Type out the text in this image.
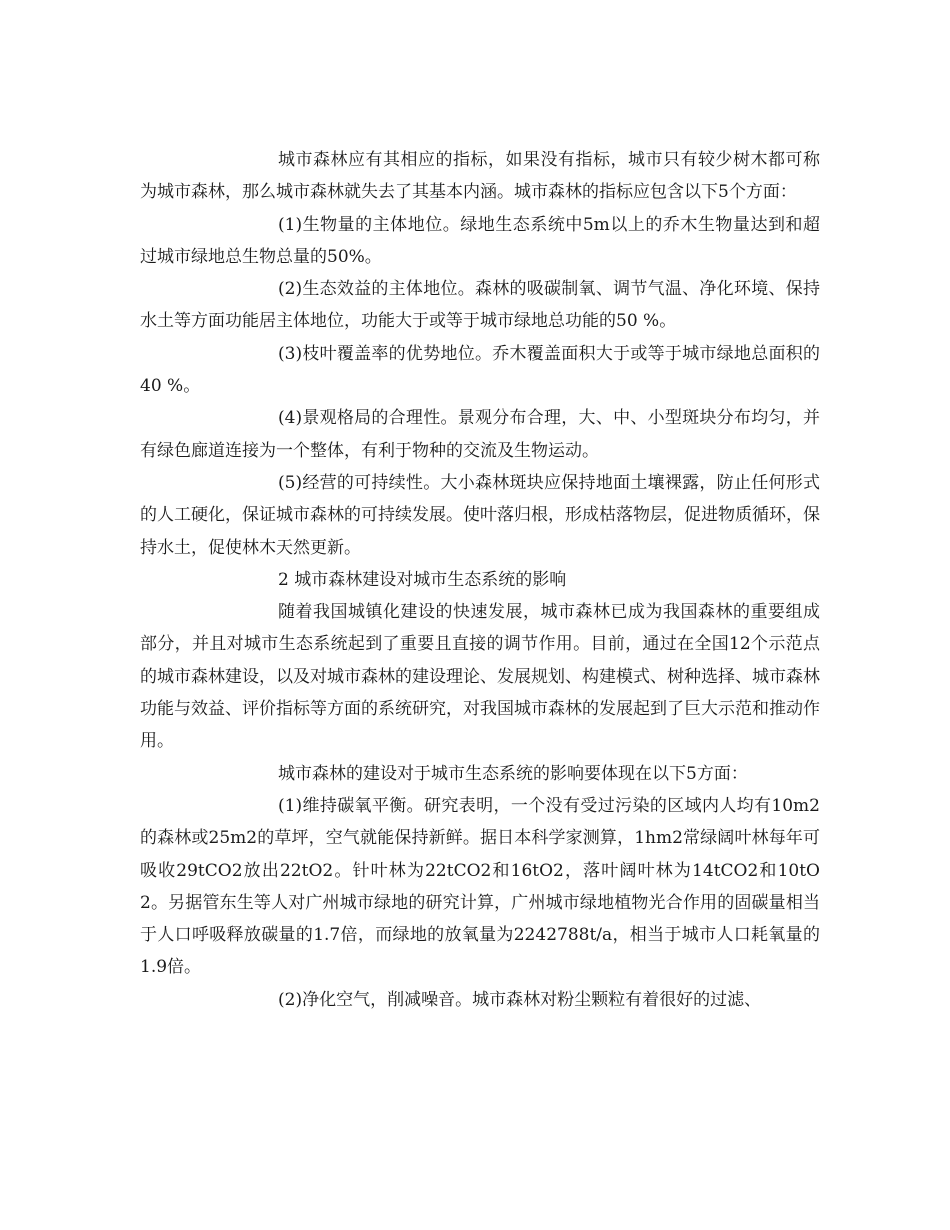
城市森林应有其相应的指标，如果没有指标，城市只有较少树木都可称为城市森林，那么城市森林就失去了其基本内涵。城市森林的指标应包含以下5个方面：

(1)生物量的主体地位。绿地生态系统中5m以上的乔木生物量达到和超过城市绿地总生物总量的50%。

(2)生态效益的主体地位。森林的吸碳制氧、调节气温、净化环境、保持水土等方面功能居主体地位，功能大于或等于城市绿地总功能的50 %。

(3)枝叶覆盖率的优势地位。乔木覆盖面积大于或等于城市绿地总面积的40 %。

(4)景观格局的合理性。景观分布合理，大、中、小型斑块分布均匀，并有绿色廊道连接为一个整体，有利于物种的交流及生物运动。

(5)经营的可持续性。大小森林斑块应保持地面土壤裸露，防止任何形式的人工硬化，保证城市森林的可持续发展。使叶落归根，形成枯落物层，促进物质循环，保持水土，促使林木天然更新。

2 城市森林建设对城市生态系统的影响

随着我国城镇化建设的快速发展，城市森林已成为我国森林的重要组成部分，并且对城市生态系统起到了重要且直接的调节作用。目前，通过在全国12个示范点的城市森林建设，以及对城市森林的建设理论、发展规划、构建模式、树种选择、城市森林功能与效益、评价指标等方面的系统研究，对我国城市森林的发展起到了巨大示范和推动作用。

城市森林的建设对于城市生态系统的影响要体现在以下5方面：

(1)维持碳氧平衡。研究表明，一个没有受过污染的区域内人均有10m2的森林或25m2的草坪，空气就能保持新鲜。据日本科学家测算，1hm2常绿阔叶林每年可吸收29tCO2放出22tO2。针叶林为22tCO2和16tO2，落叶阔叶林为14tCO2和10tO2。另据管东生等人对广州城市绿地的研究计算，广州城市绿地植物光合作用的固碳量相当于人口呼吸释放碳量的1.7倍，而绿地的放氧量为2242788t/a，相当于城市人口耗氧量的1.9倍。

(2)净化空气，削减噪音。城市森林对粉尘颗粒有着很好的过滤、
